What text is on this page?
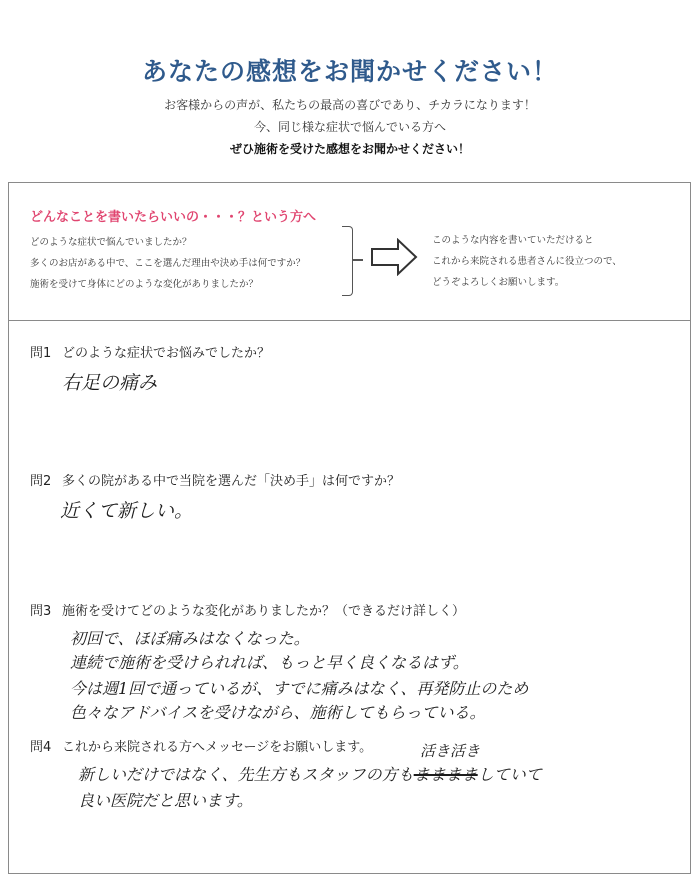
あなたの感想をお聞かせください！
お客様からの声が、私たちの最高の喜びであり、チカラになります！
今、同じ様な症状で悩んでいる方へ
ぜひ施術を受けた感想をお聞かせください！
どんなことを書いたらいいの・・・？という方へ
どのような症状で悩んでいましたか？
多くのお店がある中で、ここを選んだ理由や決め手は何ですか？
施術を受けて身体にどのような変化がありましたか？
このような内容を書いていただけると
これから来院される患者さんに役立つので、
どうぞよろしくお願いします。
問1 どのような症状でお悩みでしたか？
右足の痛み
問2 多くの院がある中で当院を選んだ「決め手」は何ですか？
近くて新しい。
問3 施術を受けてどのような変化がありましたか？（できるだけ詳しく）
初回で、ほぼ痛みはなくなった。
連続で施術を受けられれば、もっと早く良くなるはず。
今は週1回で通っているが、すでに痛みはなく、再発防止のため
色々なアドバイスを受けながら、施術してもらっている。
問4 これから来院される方へメッセージをお願いします。	活き活き
新しいだけではなく、先生方もスタッフの方もまままましていて
良い医院だと思います。
